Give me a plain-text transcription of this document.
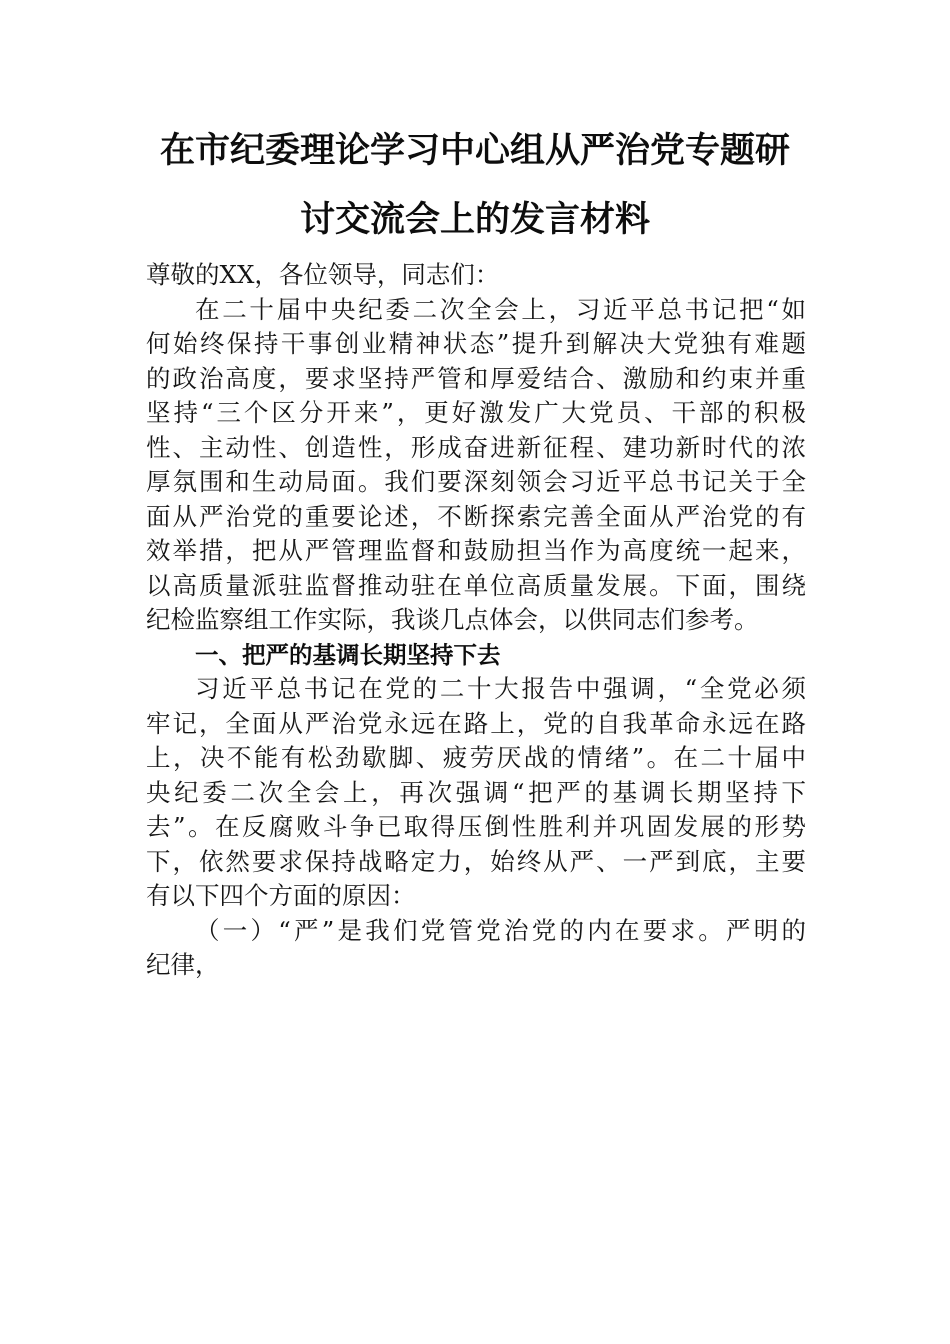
在市纪委理论学习中心组从严治党专题研
讨交流会上的发言材料
尊敬的XX，各位领导，同志们：
在二十届中央纪委二次全会上，习近平总书记把“如
何始终保持干事创业精神状态”提升到解决大党独有难题
的政治高度，要求坚持严管和厚爱结合、激励和约束并重
坚持“三个区分开来”，更好激发广大党员、干部的积极
性、主动性、创造性，形成奋进新征程、建功新时代的浓
厚氛围和生动局面。我们要深刻领会习近平总书记关于全
面从严治党的重要论述，不断探索完善全面从严治党的有
效举措，把从严管理监督和鼓励担当作为高度统一起来，
以高质量派驻监督推动驻在单位高质量发展。下面，围绕
纪检监察组工作实际，我谈几点体会，以供同志们参考。
一、把严的基调长期坚持下去
习近平总书记在党的二十大报告中强调，“全党必须
牢记，全面从严治党永远在路上，党的自我革命永远在路
上，决不能有松劲歇脚、疲劳厌战的情绪”。在二十届中
央纪委二次全会上，再次强调“把严的基调长期坚持下
去”。在反腐败斗争已取得压倒性胜利并巩固发展的形势
下，依然要求保持战略定力，始终从严、一严到底，主要
有以下四个方面的原因：
（一）“严”是我们党管党治党的内在要求。严明的
纪律，
